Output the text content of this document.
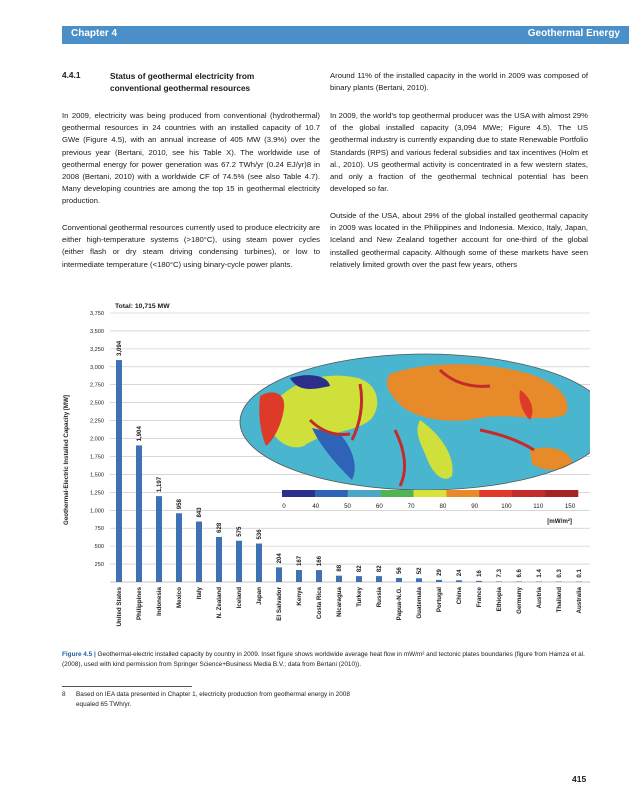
Chapter 4	Geothermal Energy
4.4.1	Status of geothermal electricity from
conventional geothermal resources

In 2009, electricity was being produced from conventional (hydrothermal) geothermal resources in 24 countries with an installed capacity of 10.7 GWe (Figure 4.5), with an annual increase of 405 MW (3.9%) over the previous year (Bertani, 2010, see his Table X). The worldwide use of geothermal energy for power generation was 67.2 TWh/yr (0.24 EJ/yr)8 in 2008 (Bertani, 2010) with a worldwide CF of 74.5% (see also Table 4.7). Many developing countries are among the top 15 in geothermal electricity production.

Conventional geothermal resources currently used to produce electricity are either high-temperature systems (>180°C), using steam power cycles (either flash or dry steam driving condensing turbines), or low to intermediate temperature (<180°C) using binary-cycle power plants.

Around 11% of the installed capacity in the world in 2009 was composed of binary plants (Bertani, 2010).

In 2009, the world's top geothermal producer was the USA with almost 29% of the global installed capacity (3,094 MWe; Figure 4.5). The US geothermal industry is currently expanding due to state Renewable Portfolio Standards (RPS) and various federal subsidies and tax incentives (Holm et al., 2010). US geothermal activity is concentrated in a few western states, and only a fraction of the geothermal technical potential has been developed so far.

Outside of the USA, about 29% of the global installed geothermal capacity in 2009 was located in the Philippines and Indonesia. Mexico, Italy, Japan, Iceland and New Zealand together account for one-third of the global installed geothermal capacity. Although some of these markets have seen relatively limited growth over the past few years, others

0	40	50	60	70	80	90	100	110	150
[mW/m²]
250
500
750
1,000
1,250
1,500
1,750
2,000
2,250
2,500
2,750
3,000
3,250
3,500
3,750
Geothermal-Electric Installed Capacity [MW]
Total: 10,715 MW
3,094
United States
1,904
Philippines
1,197
Indonesia
958
Mexico
843
Italy
628
N. Zealand
575
Iceland
536
Japan
204
El Salvador
167
Kenya
166
Costa Rica
88
Nicaragua
82
Turkey
82
Russia
56
Papua-N.G.
52
Guatemala
29
Portugal
24
China
16
France
7.3
Ethiopia
6.6
Germany
1.4
Austria
0.3
Thailand
0.1
Australia

Figure 4.5 | Geothermal-electric installed capacity by country in 2009. Inset figure shows worldwide average heat flow in mW/m² and tectonic plates boundaries (figure from Hamza et al. (2008), used with kind permission from Springer Science+Business Media B.V.; data from Bertani (2010)).

8 Based on IEA data presented in Chapter 1, electricity production from geothermal energy in 2008 equaled 65 TWh/yr.
415
